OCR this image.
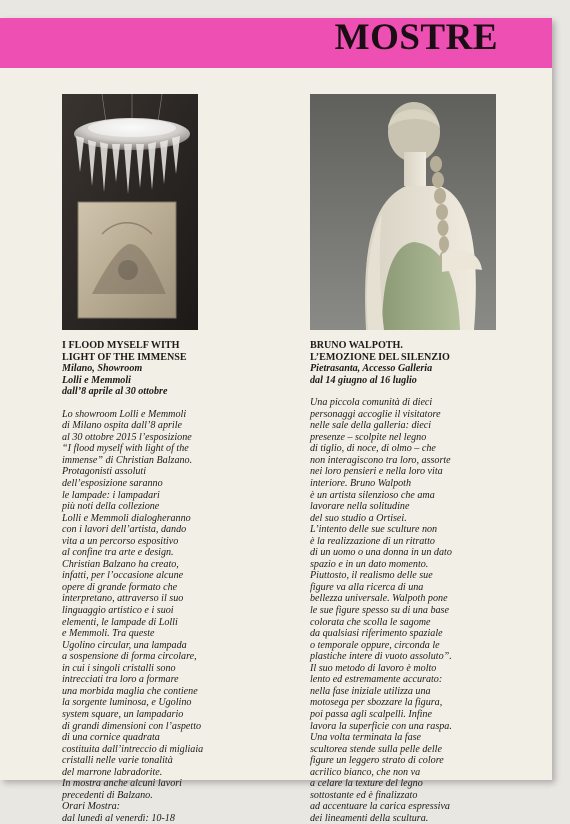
MOSTRE
I FLOOD MYSELF WITH
LIGHT OF THE IMMENSE
Milano, Showroom
Lolli e Memmoli
dall’8 aprile al 30 ottobre
Lo showroom Lolli e Memmoli
di Milano ospita dall’8 aprile
al 30 ottobre 2015 l’esposizione
“I flood myself with light of the
immense” di Christian Balzano.
Protagonisti assoluti
dell’esposizione saranno
le lampade: i lampadari
più noti della collezione
Lolli e Memmoli dialogheranno
con i lavori dell’artista, dando
vita a un percorso espositivo
al confine tra arte e design.
Christian Balzano ha creato,
infatti, per l’occasione alcune
opere di grande formato che
interpretano, attraverso il suo
linguaggio artistico e i suoi
elementi, le lampade di Lolli
e Memmoli. Tra queste
Ugolino circular, una lampada
a sospensione di forma circolare,
in cui i singoli cristalli sono
intrecciati tra loro a formare
una morbida maglia che contiene
la sorgente luminosa, e Ugolino
system square, un lampadario
di grandi dimensioni con l’aspetto
di una cornice quadrata
costituita dall’intreccio di migliaia
cristalli nelle varie tonalità
del marrone labradorite.
In mostra anche alcuni lavori
precedenti di Balzano.
Orari Mostra:
dal lunedì al venerdì: 10-18
BRUNO WALPOTH.
L’EMOZIONE DEL SILENZIO
Pietrasanta, Accesso Galleria
dal 14 giugno al 16 luglio
Una piccola comunità di dieci
personaggi accoglie il visitatore
nelle sale della galleria: dieci
presenze – scolpite nel legno
di tiglio, di noce, di olmo – che
non interagiscono tra loro, assorte
nei loro pensieri e nella loro vita
interiore. Bruno Walpoth
è un artista silenzioso che ama
lavorare nella solitudine
del suo studio a Ortisei.
L’intento delle sue sculture non
è la realizzazione di un ritratto
di un uomo o una donna in un dato
spazio e in un dato momento.
Piuttosto, il realismo delle sue
figure va alla ricerca di una
bellezza universale. Walpoth pone
le sue figure spesso su di una base
colorata che scolla le sagome
da qualsiasi riferimento spaziale
o temporale oppure, circonda le
plastiche intere di vuoto assoluto”.
Il suo metodo di lavoro è molto
lento ed estremamente accurato:
nella fase iniziale utilizza una
motosega per sbozzare la figura,
poi passa agli scalpelli. Infine
lavora la superficie con una raspa.
Una volta terminata la fase
scultorea stende sulla pelle delle
figure un leggero strato di colore
acrilico bianco, che non va
a celare la texture del legno
sottostante ed è finalizzato
ad accentuare la carica espressiva
dei lineamenti della scultura.
